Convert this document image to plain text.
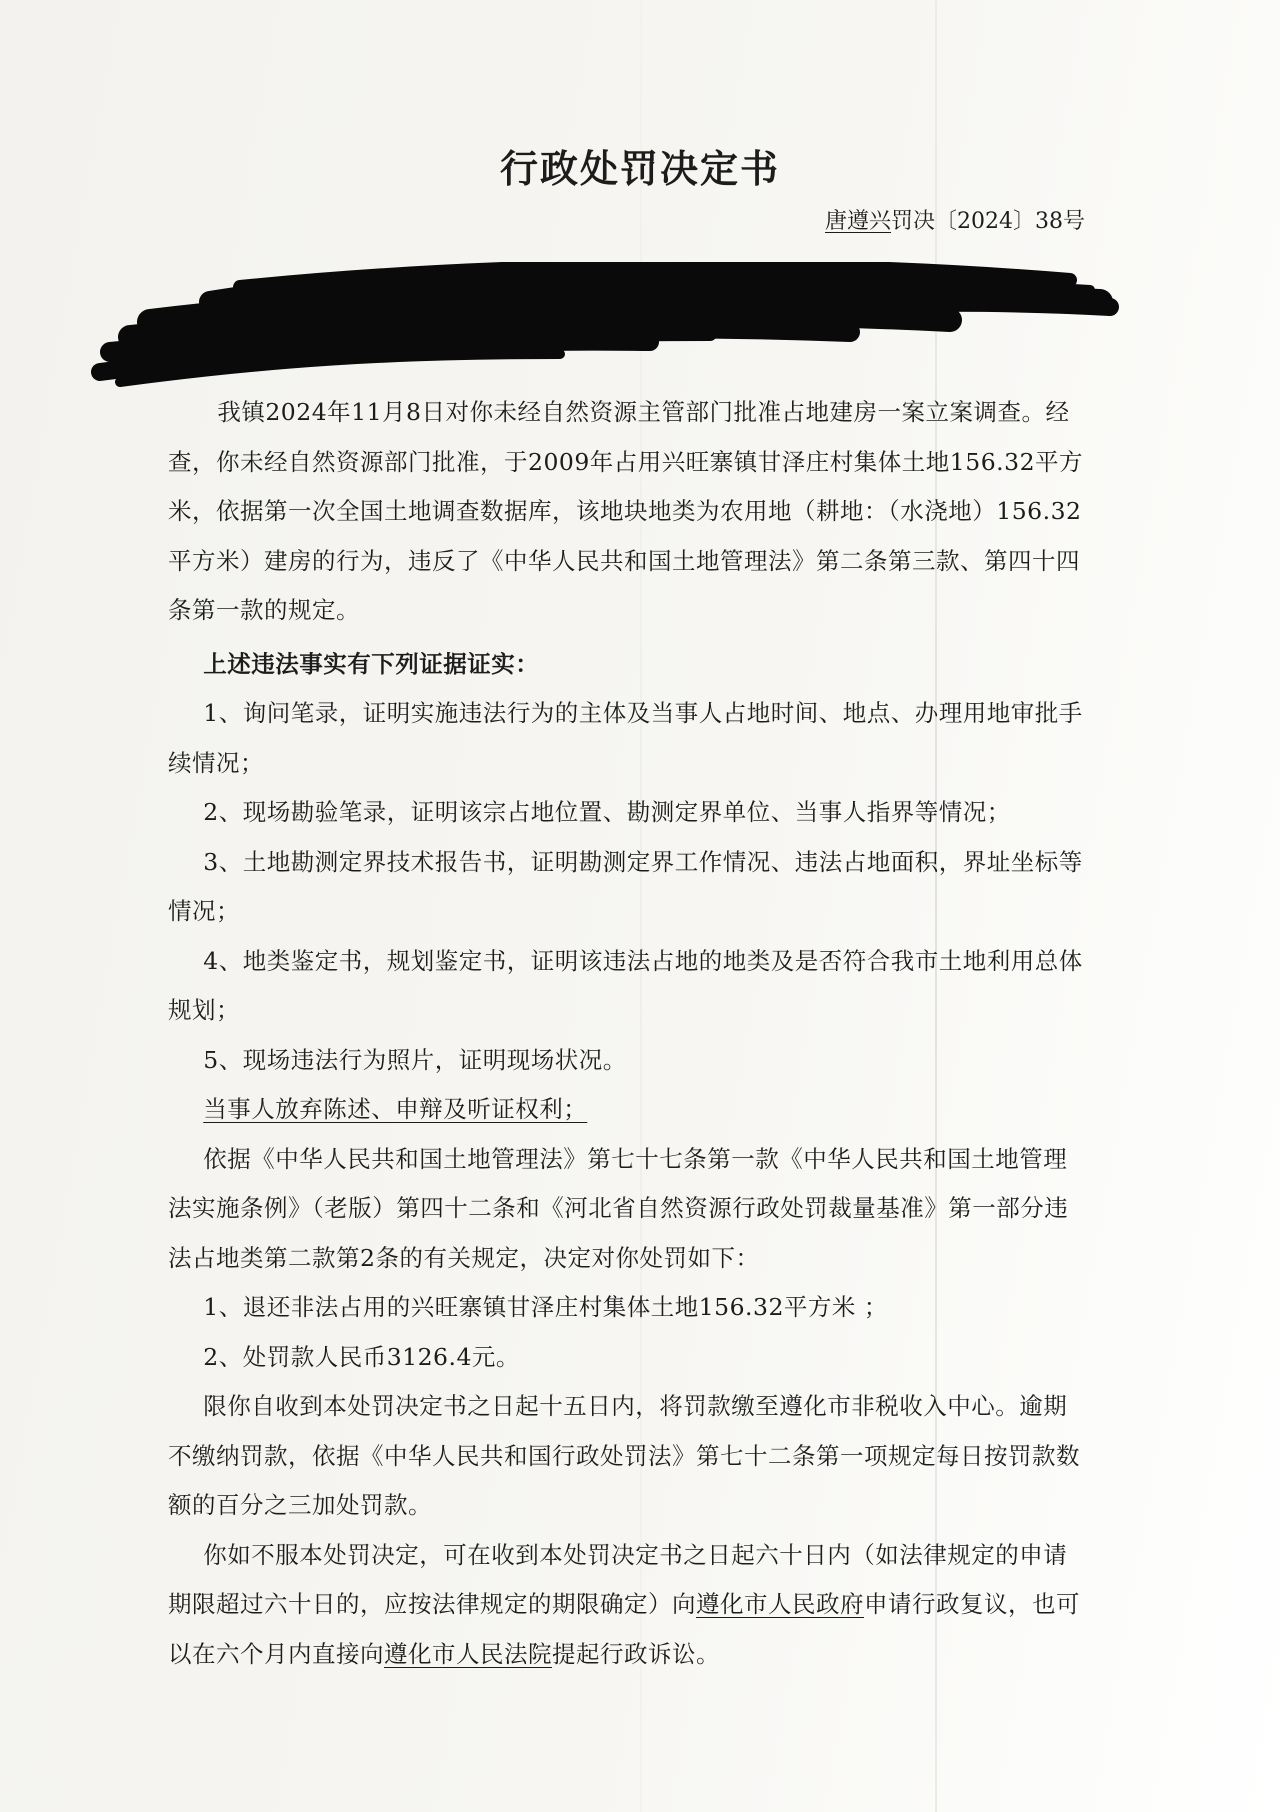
行政处罚决定书
唐遵兴罚决〔2024〕38号

我镇2024年11月8日对你未经自然资源主管部门批准占地建房一案立案调查。经查，你未经自然资源部门批准，于2009年占用兴旺寨镇甘泽庄村集体土地156.32平方米，依据第一次全国土地调查数据库，该地块地类为农用地（耕地：（水浇地）156.32平方米）建房的行为，违反了《中华人民共和国土地管理法》第二条第三款、第四十四条第一款的规定。

上述违法事实有下列证据证实：

1、询问笔录，证明实施违法行为的主体及当事人占地时间、地点、办理用地审批手续情况；

2、现场勘验笔录，证明该宗占地位置、勘测定界单位、当事人指界等情况；

3、土地勘测定界技术报告书，证明勘测定界工作情况、违法占地面积，界址坐标等情况；

4、地类鉴定书，规划鉴定书，证明该违法占地的地类及是否符合我市土地利用总体规划；

5、现场违法行为照片，证明现场状况。

当事人放弃陈述、申辩及听证权利；

依据《中华人民共和国土地管理法》第七十七条第一款《中华人民共和国土地管理法实施条例》（老版）第四十二条和《河北省自然资源行政处罚裁量基准》第一部分违法占地类第二款第2条的有关规定，决定对你处罚如下：

1、退还非法占用的兴旺寨镇甘泽庄村集体土地156.32平方米 ；

2、处罚款人民币3126.4元。

限你自收到本处罚决定书之日起十五日内，将罚款缴至遵化市非税收入中心。逾期不缴纳罚款，依据《中华人民共和国行政处罚法》第七十二条第一项规定每日按罚款数额的百分之三加处罚款。

你如不服本处罚决定，可在收到本处罚决定书之日起六十日内（如法律规定的申请期限超过六十日的，应按法律规定的期限确定）向遵化市人民政府申请行政复议，也可以在六个月内直接向遵化市人民法院提起行政诉讼。
